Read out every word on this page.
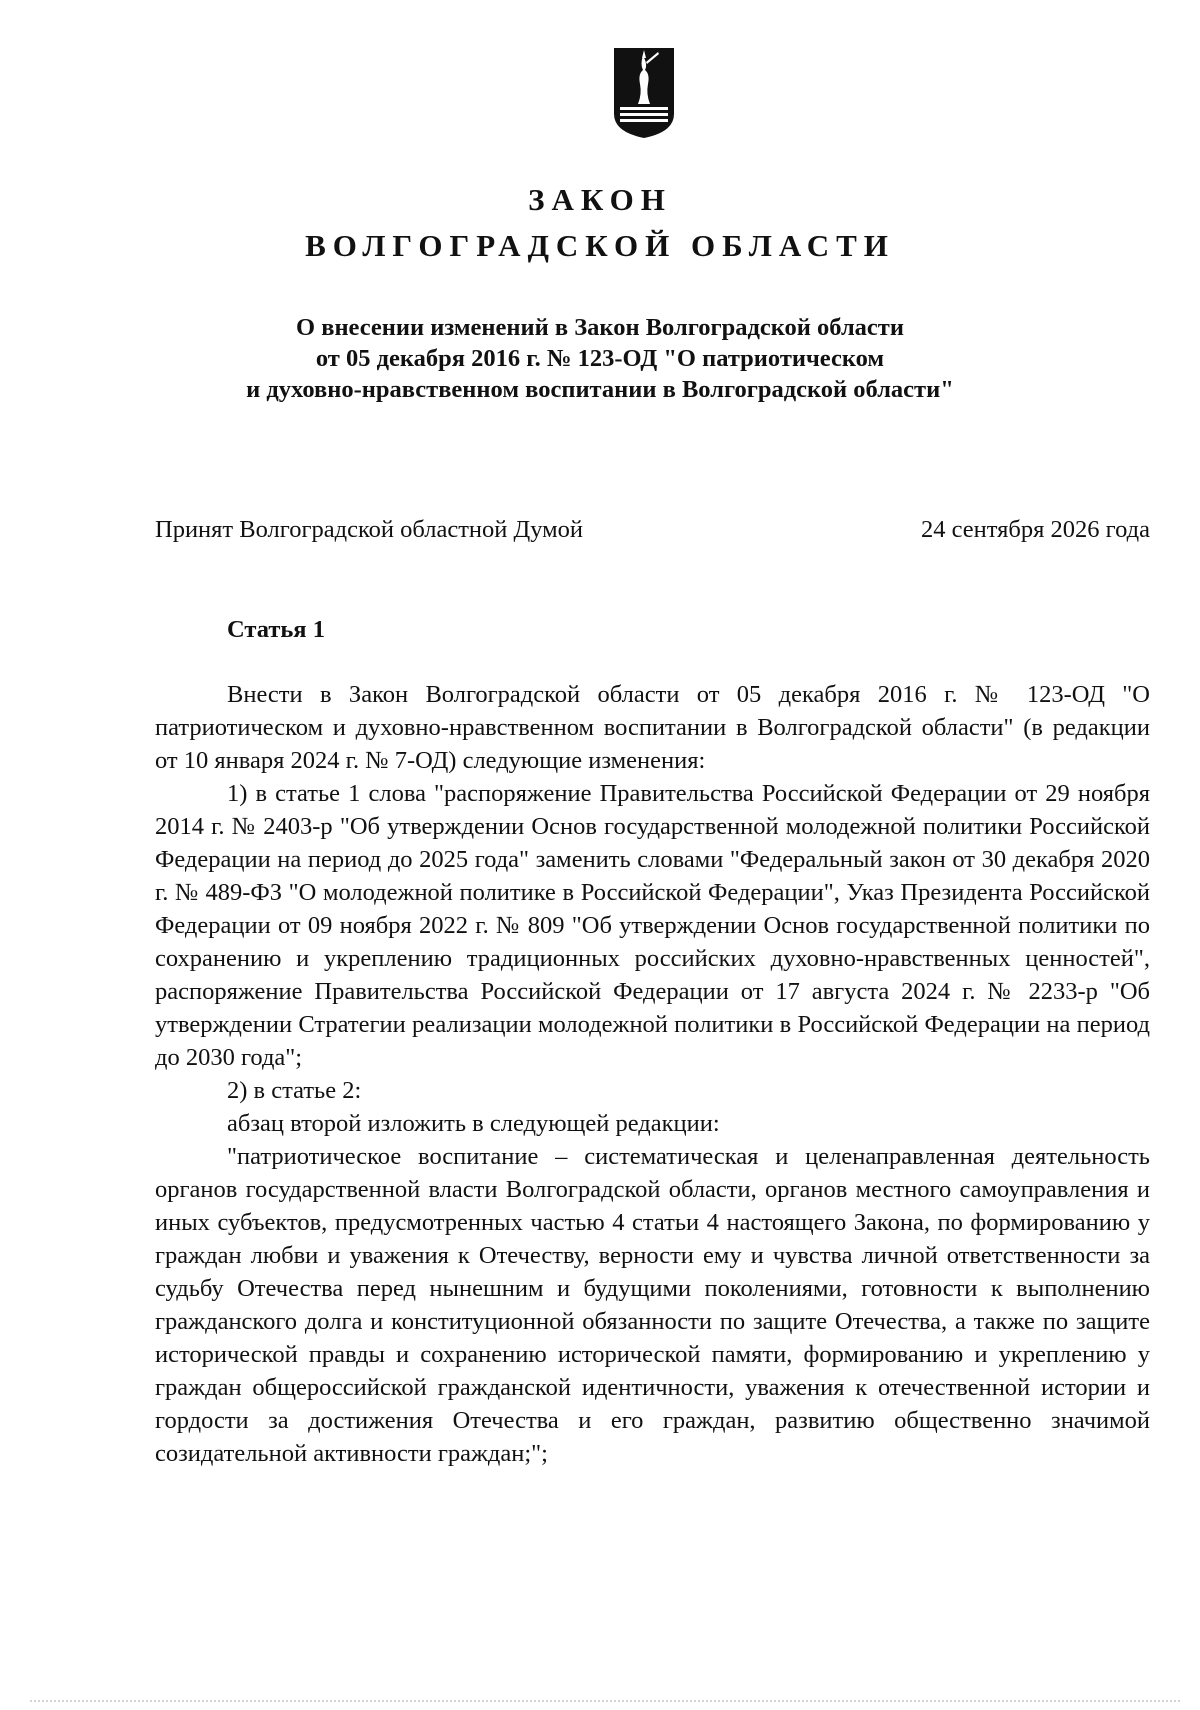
ЗАКОН
ВОЛГОГРАДСКОЙ ОБЛАСТИ
О внесении изменений в Закон Волгоградской области
от 05 декабря 2016 г. № 123-ОД "О патриотическом
и духовно-нравственном воспитании в Волгоградской области"
Принят Волгоградской областной Думой	24 сентября 2026 года
Статья 1

Внести в Закон Волгоградской области от 05 декабря 2016 г. № 123-ОД "О патриотическом и духовно-нравственном воспитании в Волгоградской области" (в редакции от 10 января 2024 г. № 7-ОД) следующие изменения:

1) в статье 1 слова "распоряжение Правительства Российской Федерации от 29 ноября 2014 г. № 2403-р "Об утверждении Основ государственной молодежной политики Российской Федерации на период до 2025 года" заменить словами "Федеральный закон от 30 декабря 2020 г. № 489-ФЗ "О молодежной политике в Российской Федерации", Указ Президента Российской Федерации от 09 ноября 2022 г. № 809 "Об утверждении Основ государственной политики по сохранению и укреплению традиционных российских духовно-нравственных ценностей", распоряжение Правительства Российской Федерации от 17 августа 2024 г. № 2233-р "Об утверждении Стратегии реализации молодежной политики в Российской Федерации на период до 2030 года";

2) в статье 2:

абзац второй изложить в следующей редакции:

"патриотическое воспитание – систематическая и целенаправленная деятельность органов государственной власти Волгоградской области, органов местного самоуправления и иных субъектов, предусмотренных частью 4 статьи 4 настоящего Закона, по формированию у граждан любви и уважения к Отечеству, верности ему и чувства личной ответственности за судьбу Отечества перед нынешним и будущими поколениями, готовности к выполнению гражданского долга и конституционной обязанности по защите Отечества, а также по защите исторической правды и сохранению исторической памяти, формированию и укреплению у граждан общероссийской гражданской идентичности, уважения к отечественной истории и гордости за достижения Отечества и его граждан, развитию общественно значимой созидательной активности граждан;";
